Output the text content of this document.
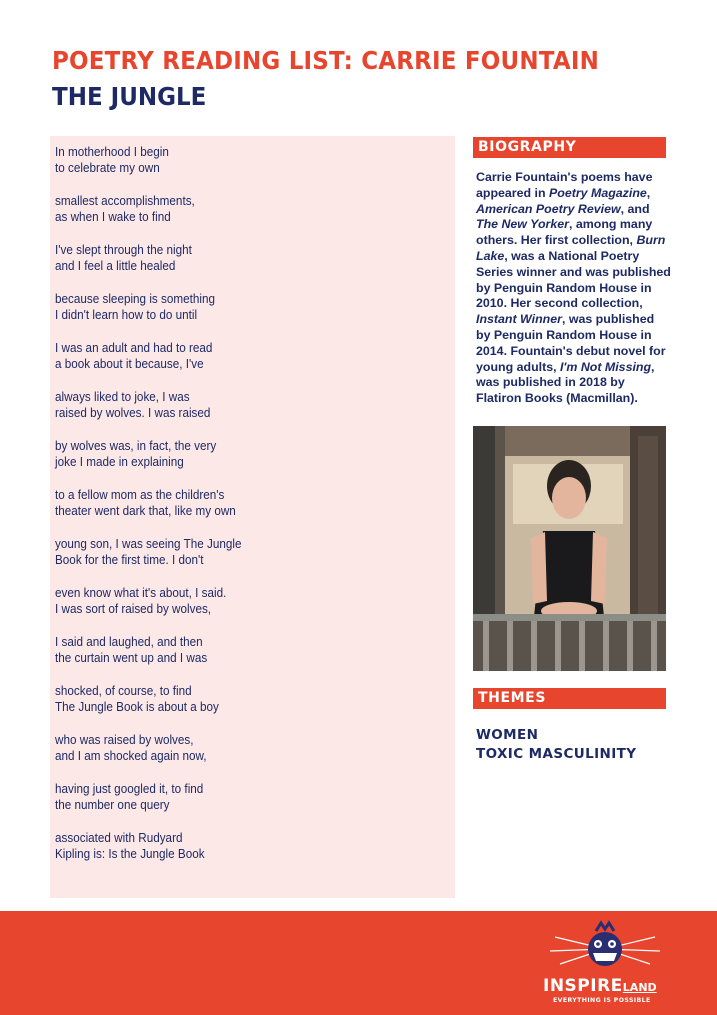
POETRY READING LIST: CARRIE FOUNTAIN
THE JUNGLE
In motherhood I begin
to celebrate my own
smallest accomplishments,
as when I wake to find
I've slept through the night
and I feel a little healed
because sleeping is something
I didn't learn how to do until
I was an adult and had to read
a book about it because, I've
always liked to joke, I was
raised by wolves. I was raised
by wolves was, in fact, the very
joke I made in explaining
to a fellow mom as the children's
theater went dark that, like my own
young son, I was seeing The Jungle
Book for the first time. I don't
even know what it's about, I said.
I was sort of raised by wolves,
I said and laughed, and then
the curtain went up and I was
shocked, of course, to find
The Jungle Book is about a boy
who was raised by wolves,
and I am shocked again now,
having just googled it, to find
the number one query
associated with Rudyard
Kipling is: Is the Jungle Book
BIOGRAPHY
Carrie Fountain's poems have appeared in Poetry Magazine, American Poetry Review, and The New Yorker, among many others. Her first collection, Burn Lake, was a National Poetry Series winner and was published by Penguin Random House in 2010. Her second collection, Instant Winner, was published by Penguin Random House in 2014. Fountain's debut novel for young adults, I'm Not Missing, was published in 2018 by Flatiron Books (Macmillan).
THEMES
WOMEN
TOXIC MASCULINITY
INSPIRELAND
EVERYTHING IS POSSIBLE
